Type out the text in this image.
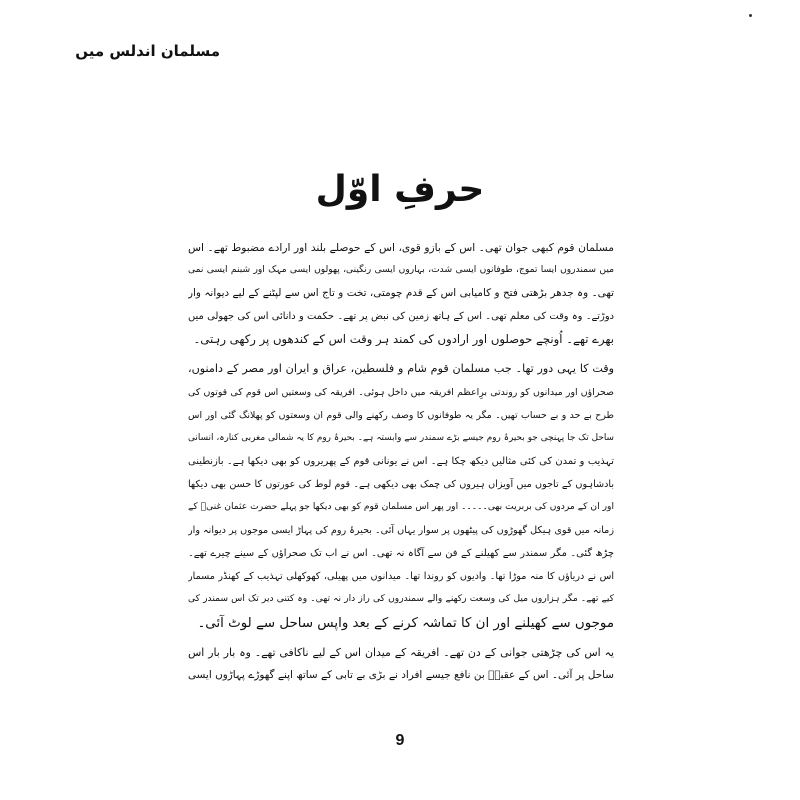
مسلمان اندلس میں
حرفِ اوّل
مسلمان قوم کبھی جوان تھی۔ اس کے بازو قوی، اس کے حوصلے بلند اور ارادے مضبوط تھے۔ اس
میں سمندروں ایسا تموج، طوفانوں ایسی شدت، بہاروں ایسی رنگینی، پھولوں ایسی مہک اور شبنم ایسی نمی
تھی۔ وہ جدھر بڑھتی فتح و کامیابی اس کے قدم چومتی، تخت و تاج اس سے لپٹنے کے لیے دیوانہ وار
دوڑتے۔ وہ وقت کی معلم تھی۔ اس کے ہاتھ زمین کی نبض پر تھے۔ حکمت و دانائی اس کی جھولی میں
بھرے تھے۔ اُونچے حوصلوں اور ارادوں کی کمند ہر وقت اس کے کندھوں پر رکھی رہتی۔
وقت کا یہی دور تھا۔ جب مسلمان قوم شام و فلسطین، عراق و ایران اور مصر کے دامنوں،
صحراؤں اور میدانوں کو روندتی برِاعظم افریقہ میں داخل ہوئی۔ افریقہ کی وسعتیں اس قوم کی قوتوں کی
طرح بے حد و بے حساب تھیں۔ مگر یہ طوفانوں کا وصف رکھنے والی قوم ان وسعتوں کو پھلانگ گئی اور اس
ساحل تک جا پہنچی جو بحیرۂ روم جیسے بڑے سمندر سے وابستہ ہے۔ بحیرۂ روم کا یہ شمالی مغربی کنارہ، انسانی
تہذیب و تمدن کی کئی مثالیں دیکھ چکا ہے۔ اس نے یونانی قوم کے پھریروں کو بھی دیکھا ہے۔ بازنطینی
بادشاہوں کے تاجوں میں آویزاں ہیروں کی چمک بھی دیکھی ہے۔ قوم لوط کی عورتوں کا حسن بھی دیکھا
اور ان کے مردوں کی بربریت بھی۔۔۔۔۔ اور پھر اس مسلمان قوم کو بھی دیکھا جو پہلے حضرت عثمان غنیؓ کے
زمانہ میں قوی ہیکل گھوڑوں کی پیٹھوں پر سوار یہاں آئی۔ بحیرۂ روم کی پہاڑ ایسی موجوں پر دیوانہ وار
چڑھ گئی۔ مگر سمندر سے کھیلنے کے فن سے آگاہ نہ تھی۔ اس نے اب تک صحراؤں کے سینے چیرے تھے۔
اس نے دریاؤں کا منہ موڑا تھا۔ وادیوں کو روندا تھا۔ میدانوں میں پھیلی، کھوکھلی تہذیب کے کھنڈر مسمار
کیے تھے۔ مگر ہزاروں میل کی وسعت رکھنے والے سمندروں کی راز دار نہ تھی۔ وہ کتنی دیر تک اس سمندر کی
موجوں سے کھیلنے اور ان کا تماشہ کرنے کے بعد واپس ساحل سے لوٹ آئی۔
یہ اس کی چڑھتی جوانی کے دن تھے۔ افریقہ کے میدان اس کے لیے ناکافی تھے۔ وہ بار بار اس
ساحل پر آئی۔ اس کے عقبہؓ بن نافع جیسے افراد نے بڑی بے تابی کے ساتھ اپنے گھوڑے پہاڑوں ایسی
9
